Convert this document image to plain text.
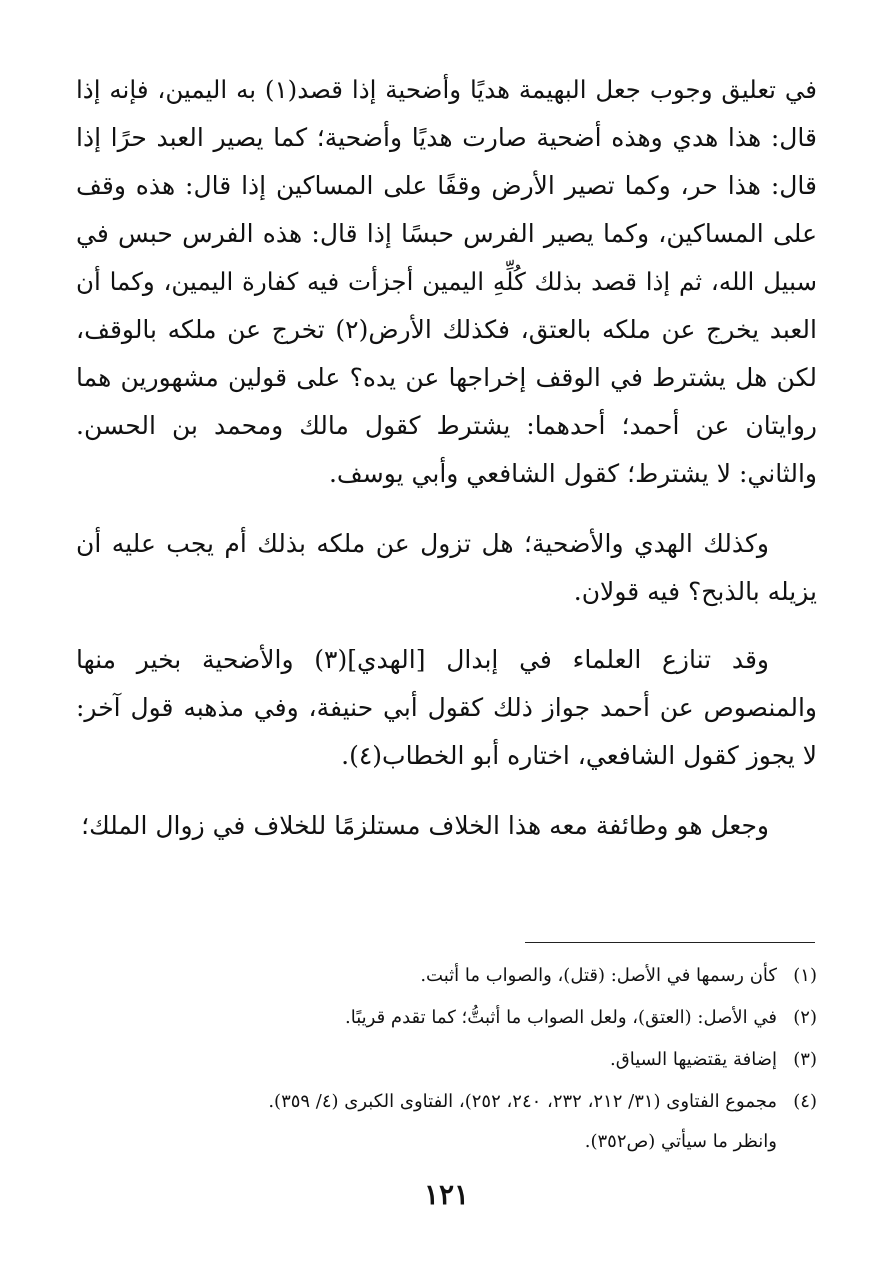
في تعليق وجوب جعل البهيمة هديًا وأضحية إذا قصد(١) به اليمين، فإنه إذا
قال: هذا هدي وهذه أضحية صارت هديًا وأضحية؛ كما يصير العبد حرًا إذا
قال: هذا حر، وكما تصير الأرض وقفًا على المساكين إذا قال: هذه وقف
على المساكين، وكما يصير الفرس حبسًا إذا قال: هذه الفرس حبس في
سبيل الله، ثم إذا قصد بذلك كُلِّهِ اليمين أجزأت فيه كفارة اليمين، وكما أن
العبد يخرج عن ملكه بالعتق، فكذلك الأرض(٢) تخرج عن ملكه بالوقف،
لكن هل يشترط في الوقف إخراجها عن يده؟ على قولين مشهورين هما
روايتان عن أحمد؛ أحدهما: يشترط كقول مالك ومحمد بن الحسن.
والثاني: لا يشترط؛ كقول الشافعي وأبي يوسف.
وكذلك الهدي والأضحية؛ هل تزول عن ملكه بذلك أم يجب عليه أن
يزيله بالذبح؟ فيه قولان.
وقد تنازع العلماء في إبدال [الهدي](٣) والأضحية بخير منها
والمنصوص عن أحمد جواز ذلك كقول أبي حنيفة، وفي مذهبه قول آخر:
لا يجوز كقول الشافعي، اختاره أبو الخطاب(٤).
وجعل هو وطائفة معه هذا الخلاف مستلزمًا للخلاف في زوال الملك؛
(١)
كأن رسمها في الأصل: (قتل)، والصواب ما أثبت.
(٢)
في الأصل: (العتق)، ولعل الصواب ما أثبتُّ؛ كما تقدم قريبًا.
(٣)
إضافة يقتضيها السياق.
(٤)
مجموع الفتاوى (٣١/ ٢١٢، ٢٣٢، ٢٤٠، ٢٥٢)، الفتاوى الكبرى (٤/ ٣٥٩).
وانظر ما سيأتي (ص٣٥٢).
١٢١
